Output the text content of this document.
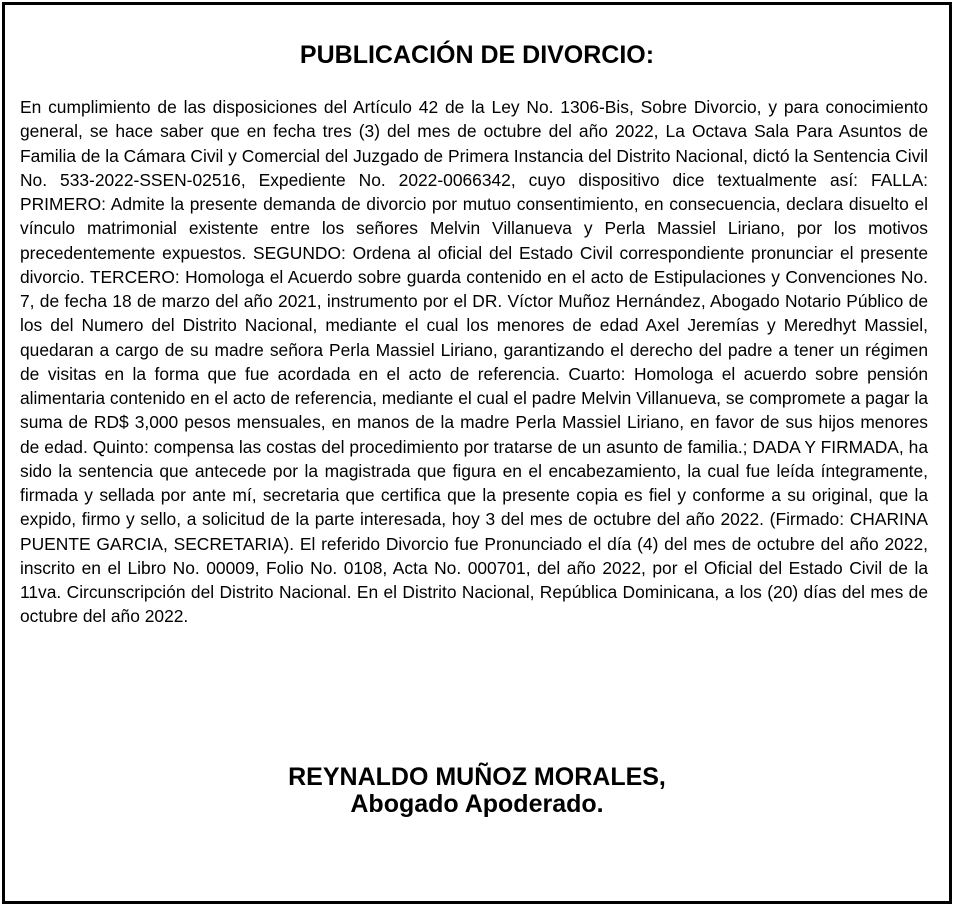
PUBLICACIÓN DE DIVORCIO:

En cumplimiento de las disposiciones del Artículo 42 de la Ley No. 1306-Bis, Sobre Divorcio, y para conocimiento general, se hace saber que en fecha tres (3) del mes de octubre del año 2022, La Octava Sala Para Asuntos de Familia de la Cámara Civil y Comercial del Juzgado de Primera Instancia del Distrito Nacional, dictó la Sentencia Civil No. 533-2022-SSEN-02516, Expediente No. 2022-0066342, cuyo dispositivo dice textualmente así: FALLA: PRIMERO: Admite la presente demanda de divorcio por mutuo consentimiento, en consecuencia, declara disuelto el vínculo matrimonial existente entre los señores Melvin Villanueva y Perla Massiel Liriano, por los motivos precedentemente expuestos. SEGUNDO: Ordena al oficial del Estado Civil correspondiente pronunciar el presente divorcio. TERCERO: Homologa el Acuerdo sobre guarda contenido en el acto de Estipulaciones y Convenciones No. 7, de fecha 18 de marzo del año 2021, instrumento por el DR. Víctor Muñoz Hernández, Abogado Notario Público de los del Numero del Distrito Nacional, mediante el cual los menores de edad Axel Jeremías y Meredhyt Massiel, quedaran a cargo de su madre señora Perla Massiel Liriano, garantizando el derecho del padre a tener un régimen de visitas en la forma que fue acordada en el acto de referencia. Cuarto: Homologa el acuerdo sobre pensión alimentaria contenido en el acto de referencia, mediante el cual el padre Melvin Villanueva, se compromete a pagar la suma de RD$ 3,000 pesos mensuales, en manos de la madre Perla Massiel Liriano, en favor de sus hijos menores de edad. Quinto: compensa las costas del procedimiento por tratarse de un asunto de familia.; DADA Y FIRMADA, ha sido la sentencia que antecede por la magistrada que figura en el encabezamiento, la cual fue leída íntegramente, firmada y sellada por ante mí, secretaria que certifica que la presente copia es fiel y conforme a su original, que la expido, firmo y sello, a solicitud de la parte interesada, hoy 3 del mes de octubre del año 2022. (Firmado: CHARINA PUENTE GARCIA, SECRETARIA). El referido Divorcio fue Pronunciado el día (4) del mes de octubre del año 2022, inscrito en el Libro No. 00009, Folio No. 0108, Acta No. 000701, del año 2022, por el Oficial del Estado Civil de la 11va. Circunscripción del Distrito Nacional. En el Distrito Nacional, República Dominicana, a los (20) días del mes de octubre del año 2022.

REYNALDO MUÑOZ MORALES,
Abogado Apoderado.
